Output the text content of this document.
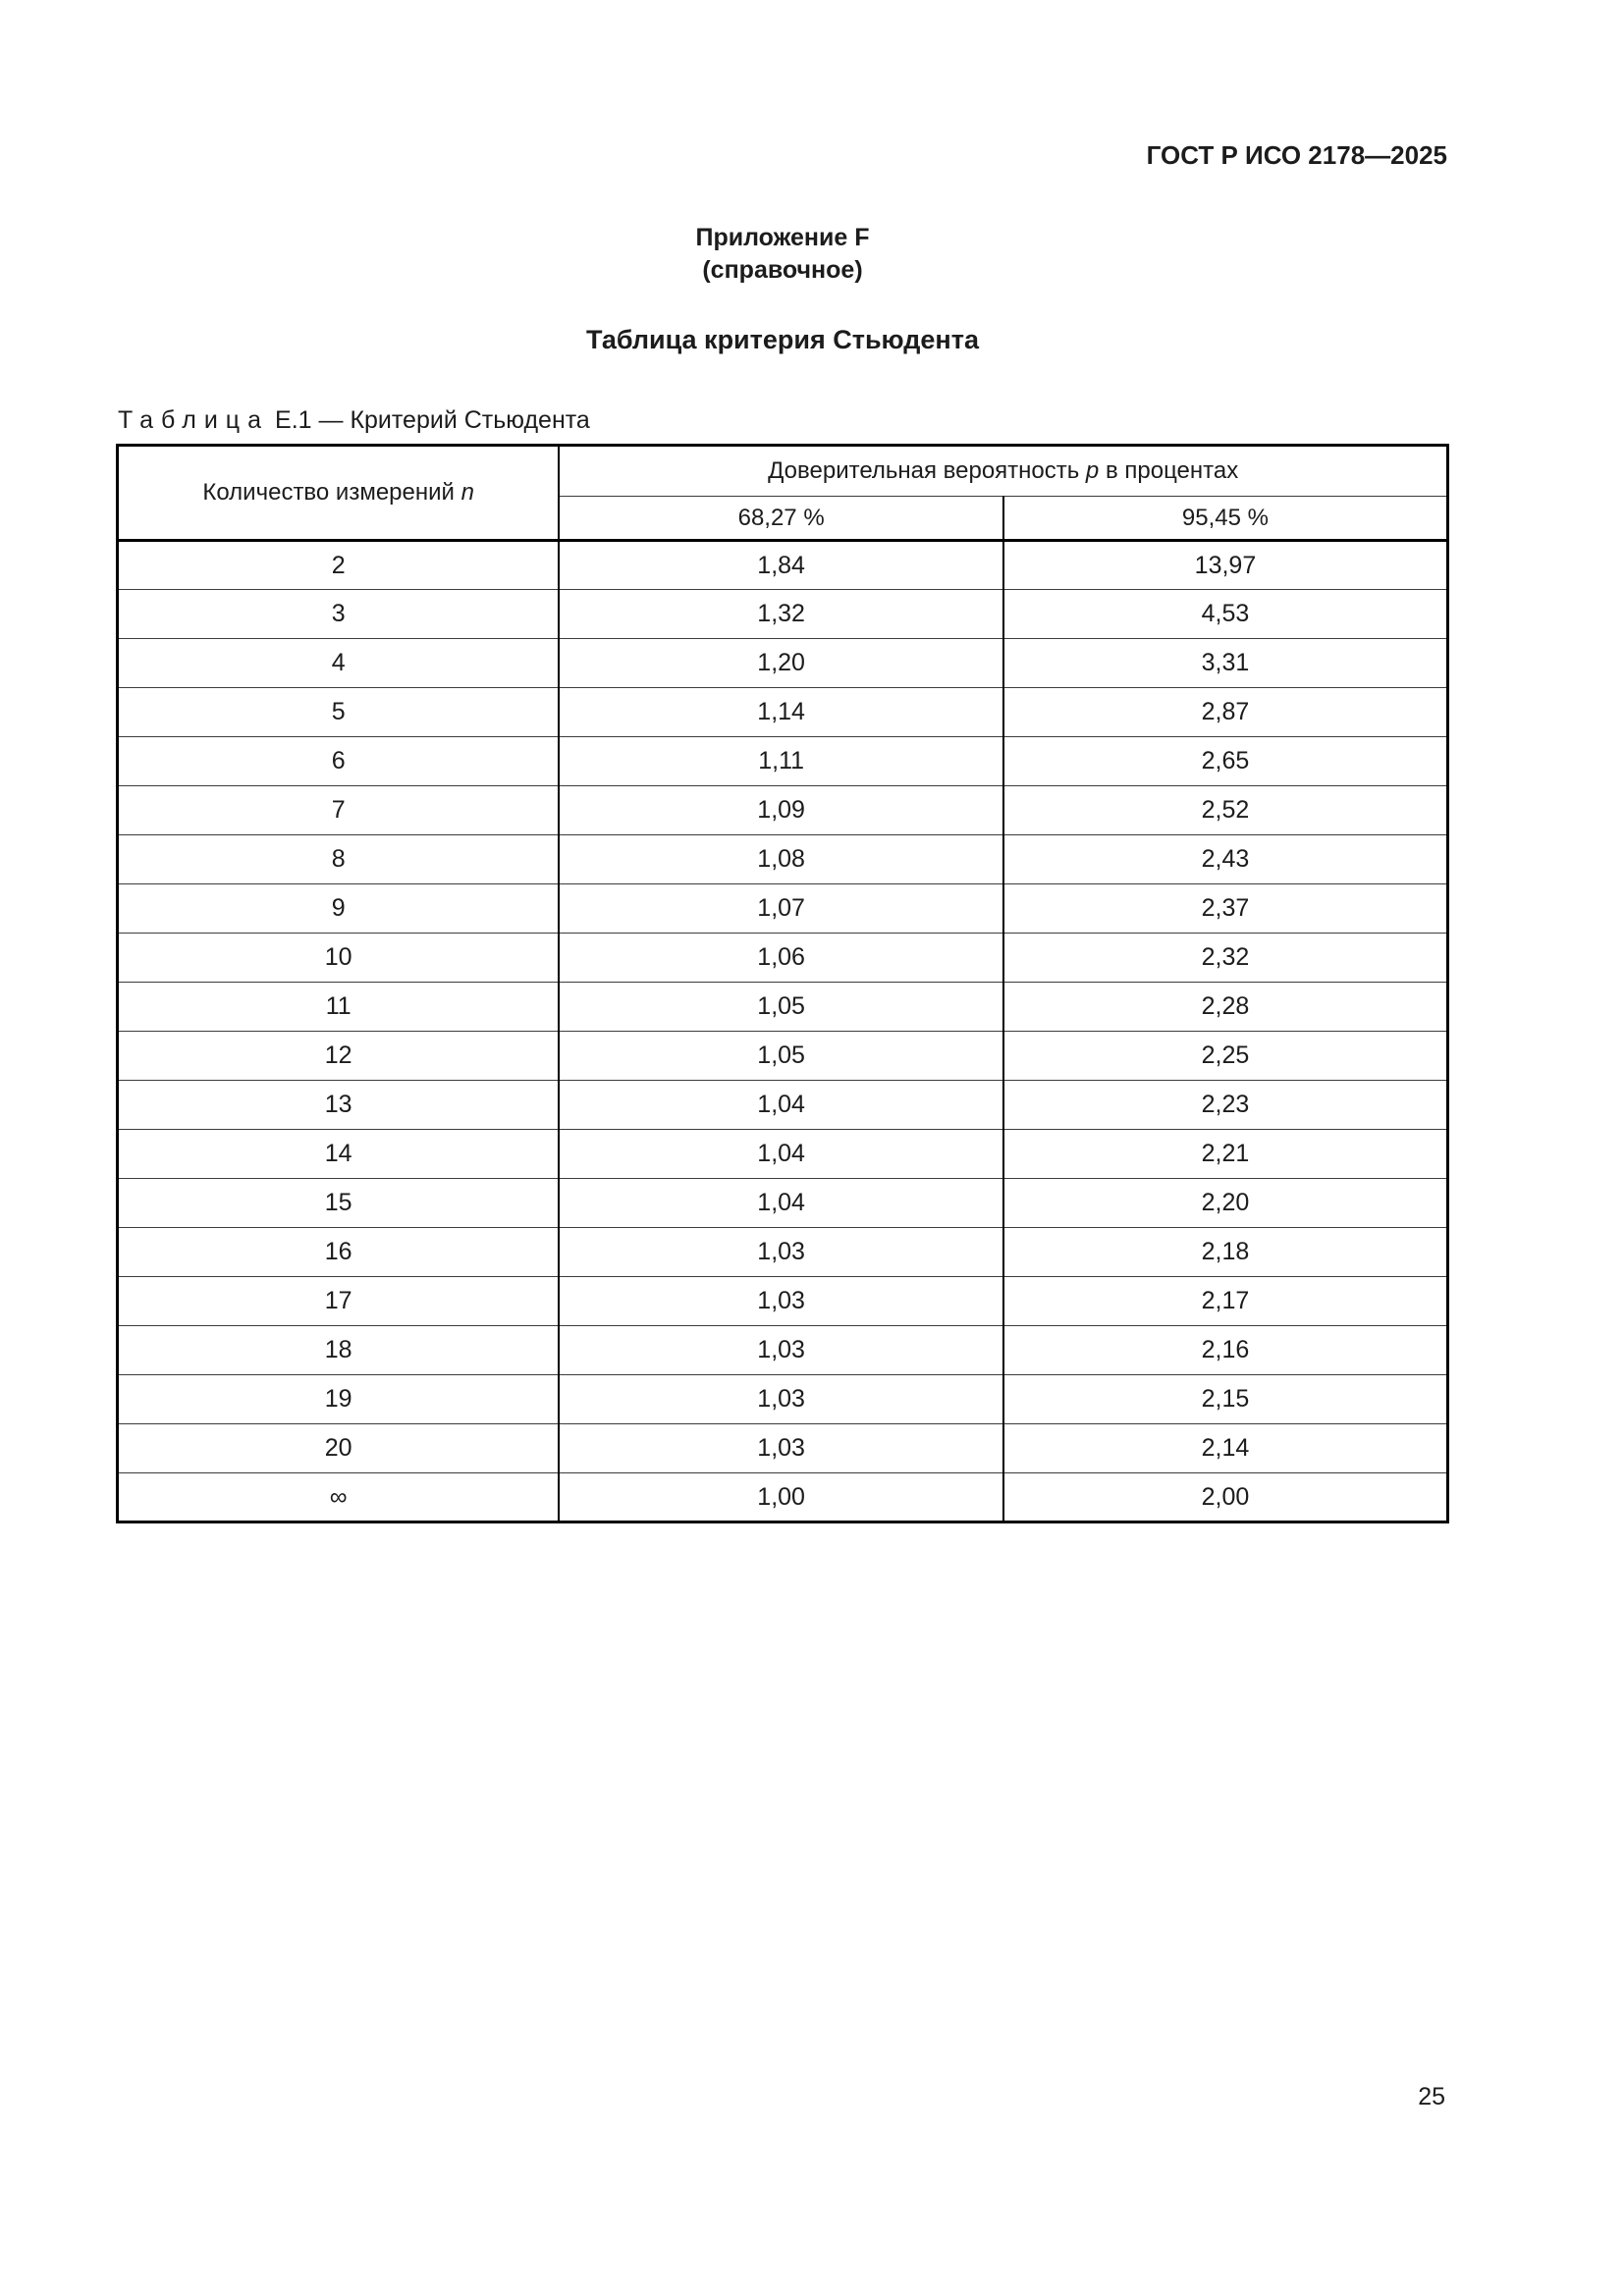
ГОСТ Р ИСО 2178—2025
Приложение F
(справочное)
Таблица критерия Стьюдента
Таблица Е.1 — Критерий Стьюдента
Количество измерений n	Доверительная вероятность p в процентах	
	68,27 %	95,45 %
2	1,84	13,97
3	1,32	4,53
4	1,20	3,31
5	1,14	2,87
6	1,11	2,65
7	1,09	2,52
8	1,08	2,43
9	1,07	2,37
10	1,06	2,32
11	1,05	2,28
12	1,05	2,25
13	1,04	2,23
14	1,04	2,21
15	1,04	2,20
16	1,03	2,18
17	1,03	2,17
18	1,03	2,16
19	1,03	2,15
20	1,03	2,14
∞	1,00	2,00
25
